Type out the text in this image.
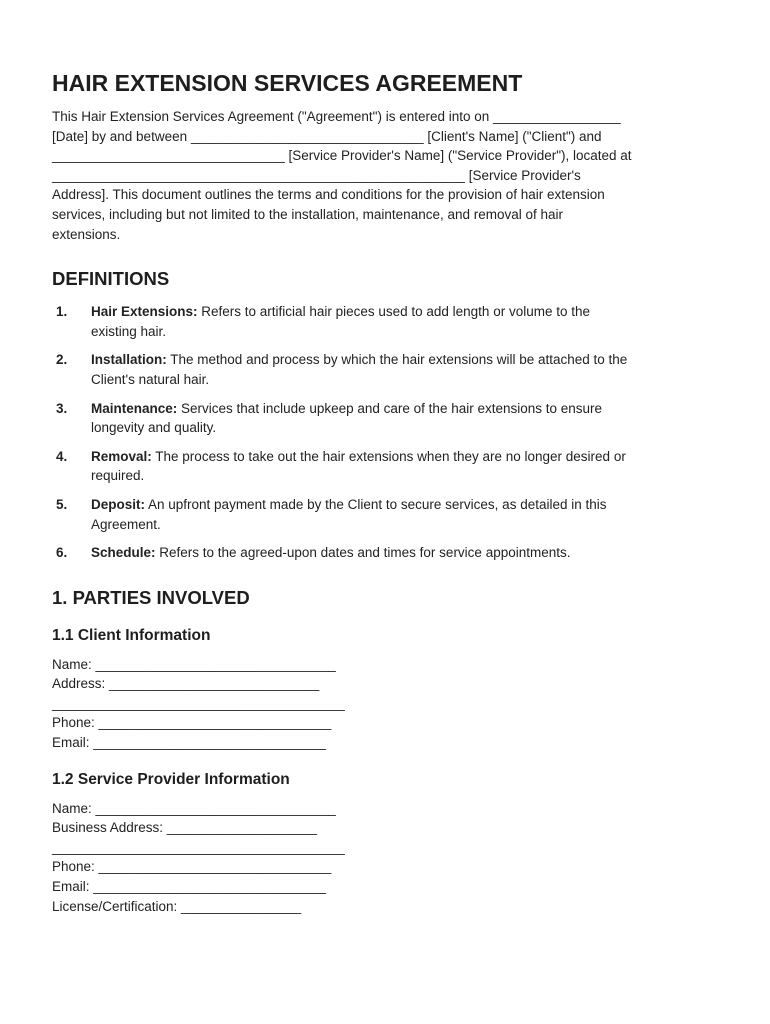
HAIR EXTENSION SERVICES AGREEMENT

This Hair Extension Services Agreement ("Agreement") is entered into on _________________

[Date] by and between _______________________________ [Client's Name] ("Client") and

_______________________________ [Service Provider's Name] ("Service Provider"), located at

_______________________________________________________ [Service Provider's

Address]. This document outlines the terms and conditions for the provision of hair extension

services, including but not limited to the installation, maintenance, and removal of hair

extensions.

DEFINITIONS
1. Hair Extensions: Refers to artificial hair pieces used to add length or volume to the
existing hair.
2. Installation: The method and process by which the hair extensions will be attached to the
Client's natural hair.
3. Maintenance: Services that include upkeep and care of the hair extensions to ensure
longevity and quality.
4. Removal: The process to take out the hair extensions when they are no longer desired or
required.
5. Deposit: An upfront payment made by the Client to secure services, as detailed in this
Agreement.
6. Schedule: Refers to the agreed-upon dates and times for service appointments.
1. PARTIES INVOLVED
1.1 Client Information
Name: ________________________________
Address: ____________________________
_______________________________________
Phone: _______________________________
Email: _______________________________
1.2 Service Provider Information
Name: ________________________________
Business Address: ____________________
_______________________________________
Phone: _______________________________
Email: _______________________________
License/Certification: ________________
